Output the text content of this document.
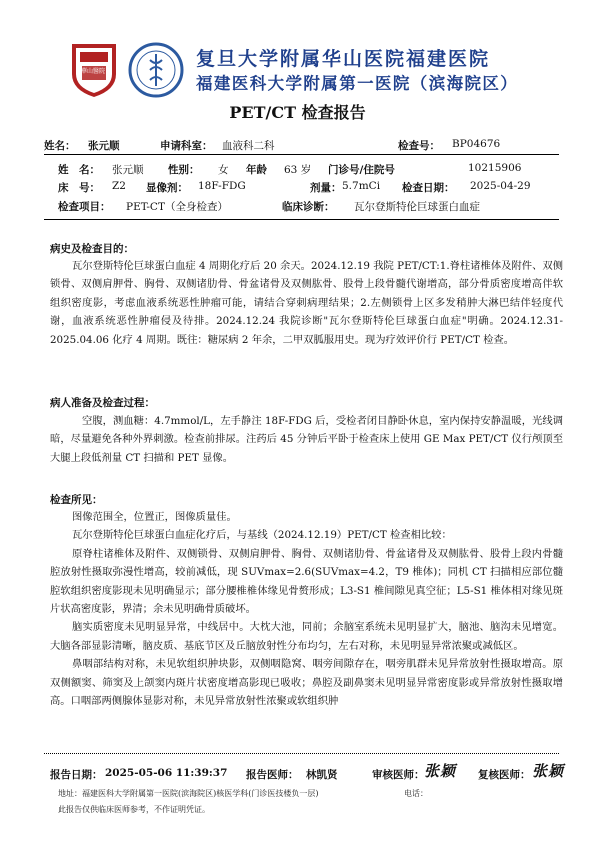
華山醫院
复旦大学附属华山医院福建医院
福建医科大学附属第一医院（滨海院区）
PET/CT 检查报告
姓名： 张元顺	申请科室： 血液科二科	检查号： BP04676
姓　名： 张元顺 性别： 女 年龄 63 岁 门诊号/住院号	10215906
床　号： Z2 显像剂： 18F-FDG	剂量： 5.7mCi 检查日期： 2025-04-29
检查项目： PET-CT（全身检查）	临床诊断： 瓦尔登斯特伦巨球蛋白血症
病史及检查目的：

瓦尔登斯特伦巨球蛋白血症 4 周期化疗后 20 余天。2024.12.19 我院 PET/CT:1.脊柱诸椎体及附件、双侧锁骨、双侧肩胛骨、胸骨、双侧诸肋骨、骨盆诸骨及双侧肱骨、股骨上段骨髓代谢增高，部分骨质密度增高伴软组织密度影，考虑血液系统恶性肿瘤可能，请结合穿刺病理结果；2.左侧锁骨上区多发稍肿大淋巴结伴轻度代谢，血液系统恶性肿瘤侵及待排。2024.12.24 我院诊断"瓦尔登斯特伦巨球蛋白血症"明确。2024.12.31-2025.04.06 化疗 4 周期。既往：糖尿病 2 年余，二甲双胍服用史。现为疗效评价行 PET/CT 检查。

病人准备及检查过程：

空腹，测血糖：4.7mmol/L，左手静注 18F-FDG 后，受检者闭目静卧休息，室内保持安静温暖，光线调暗，尽量避免各种外界刺激。检查前排尿。注药后 45 分钟后平卧于检查床上使用 GE Max PET/CT 仪行颅顶至大腿上段低剂量 CT 扫描和 PET 显像。

检查所见：

图像范围全，位置正，图像质量佳。

瓦尔登斯特伦巨球蛋白血症化疗后，与基线（2024.12.19）PET/CT 检查相比较：

原脊柱诸椎体及附件、双侧锁骨、双侧肩胛骨、胸骨、双侧诸肋骨、骨盆诸骨及双侧肱骨、股骨上段内骨髓腔放射性摄取弥漫性增高，较前减低，现 SUVmax=2.6(SUVmax=4.2，T9 椎体)；同机 CT 扫描相应部位髓腔软组织密度影现未见明确显示；部分腰椎椎体缘见骨赘形成；L3-S1 椎间隙见真空征；L5-S1 椎体相对缘见斑片状高密度影，界清；余未见明确骨质破坏。

脑实质密度未见明显异常，中线居中。大枕大池，同前；余脑室系统未见明显扩大，脑池、脑沟未见增宽。大脑各部显影清晰，脑皮质、基底节区及丘脑放射性分布均匀，左右对称，未见明显异常浓聚或减低区。

鼻咽部结构对称，未见软组织肿块影，双侧咽隐窝、咽旁间隙存在，咽旁肌群未见异常放射性摄取增高。原双侧额窦、筛窦及上颌窦内斑片状密度增高影现已吸收；鼻腔及副鼻窦未见明显异常密度影或异常放射性摄取增高。口咽部两侧腺体显影对称，未见异常放射性浓聚或软组织肿

报告日期： 2025-05-06 11:39:37 报告医师： 林凯贤	审核医师： 张颖 复核医师： 张颖
地址：福建医科大学附属第一医院(滨海院区)核医学科(门诊医技楼负一层)	电话：
此报告仅供临床医师参考，不作证明凭证。
